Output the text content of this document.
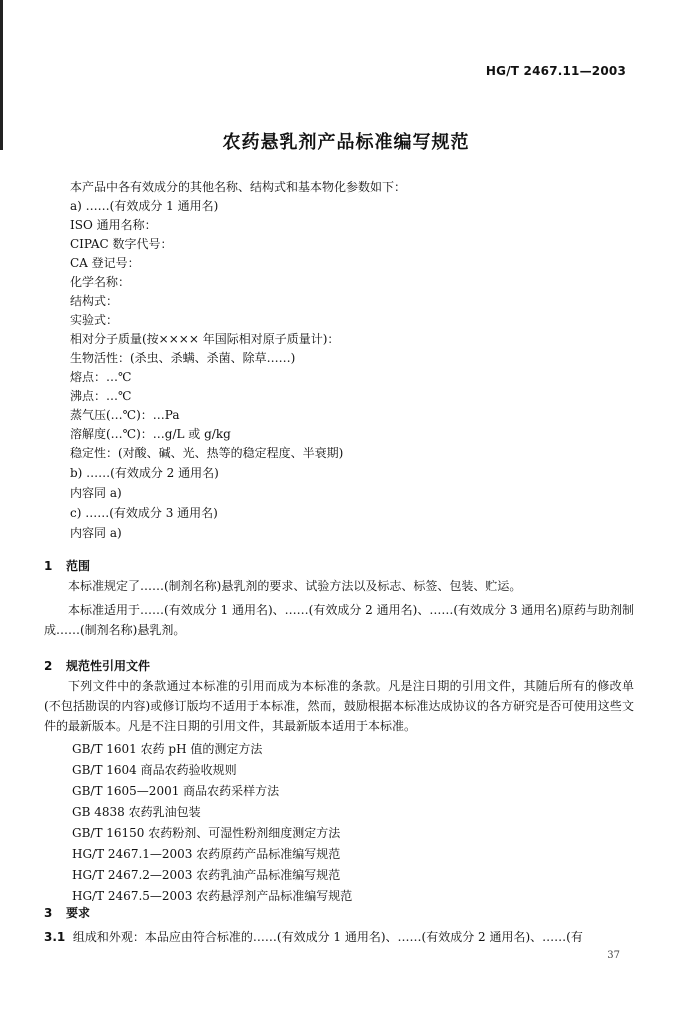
HG/T 2467.11—2003
农药悬乳剂产品标准编写规范
本产品中各有效成分的其他名称、结构式和基本物化参数如下：
a) ……(有效成分 1 通用名)
ISO 通用名称：
CIPAC 数字代号：
CA 登记号：
化学名称：
结构式：
实验式：
相对分子质量(按×××× 年国际相对原子质量计)：
生物活性：(杀虫、杀螨、杀菌、除草……)
熔点：…℃
沸点：…℃
蒸气压(…℃)：…Pa
溶解度(…℃)：…g/L 或 g/kg
稳定性：(对酸、碱、光、热等的稳定程度、半衰期)
b) ……(有效成分 2 通用名)
内容同 a)
c) ……(有效成分 3 通用名)
内容同 a)
1 范围
本标准规定了……(制剂名称)悬乳剂的要求、试验方法以及标志、标签、包装、贮运。
本标准适用于……(有效成分 1 通用名)、……(有效成分 2 通用名)、……(有效成分 3 通用名)原药与助剂制成……(制剂名称)悬乳剂。
2 规范性引用文件
下列文件中的条款通过本标准的引用而成为本标准的条款。凡是注日期的引用文件，其随后所有的修改单(不包括勘误的内容)或修订版均不适用于本标准，然而，鼓励根据本标准达成协议的各方研究是否可使用这些文件的最新版本。凡是不注日期的引用文件，其最新版本适用于本标准。
GB/T 1601 农药 pH 值的测定方法
GB/T 1604 商品农药验收规则
GB/T 1605—2001 商品农药采样方法
GB 4838 农药乳油包装
GB/T 16150 农药粉剂、可湿性粉剂细度测定方法
HG/T 2467.1—2003 农药原药产品标准编写规范
HG/T 2467.2—2003 农药乳油产品标准编写规范
HG/T 2467.5—2003 农药悬浮剂产品标准编写规范
3 要求
3.1 组成和外观：本品应由符合标准的……(有效成分 1 通用名)、……(有效成分 2 通用名)、……(有
37
